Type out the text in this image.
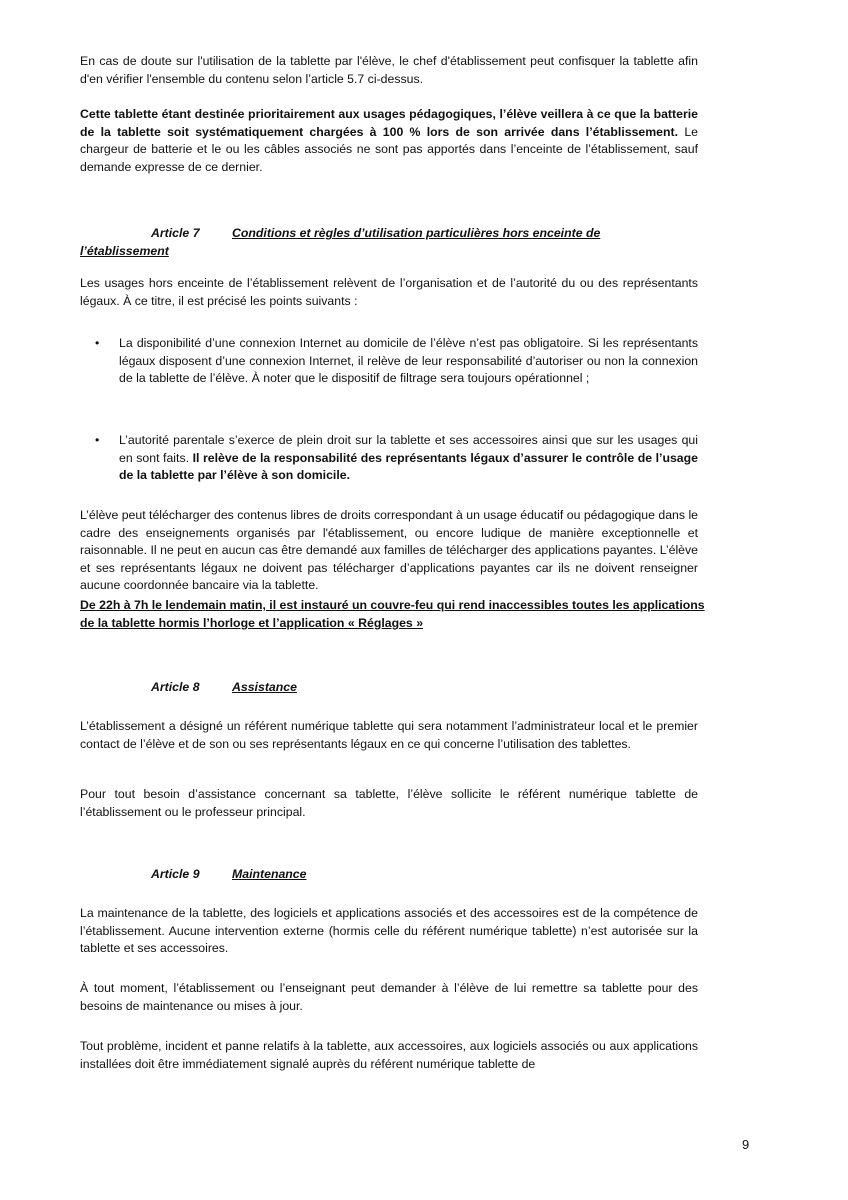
En cas de doute sur l'utilisation de la tablette par l'élève, le chef d'établissement peut confisquer la tablette afin d'en vérifier l'ensemble du contenu selon l’article 5.7 ci-dessus.

Cette tablette étant destinée prioritairement aux usages pédagogiques, l’élève veillera à ce que la batterie de la tablette soit systématiquement chargées à 100 % lors de son arrivée dans l’établissement. Le chargeur de batterie et le ou les câbles associés ne sont pas apportés dans l’enceinte de l’établissement, sauf demande expresse de ce dernier.

Article 7	Conditions et règles d’utilisation particulières hors enceinte de
l’établissement

Les usages hors enceinte de l’établissement relèvent de l’organisation et de l’autorité du ou des représentants légaux. À ce titre, il est précisé les points suivants :

• La disponibilité d’une connexion Internet au domicile de l’élève n’est pas obligatoire. Si les représentants légaux disposent d’une connexion Internet, il relève de leur responsabilité d’autoriser ou non la connexion de la tablette de l’élève. À noter que le dispositif de filtrage sera toujours opérationnel ;

• L’autorité parentale s’exerce de plein droit sur la tablette et ses accessoires ainsi que sur les usages qui en sont faits. Il relève de la responsabilité des représentants légaux d’assurer le contrôle de l’usage de la tablette par l’élève à son domicile.

L’élève peut télécharger des contenus libres de droits correspondant à un usage éducatif ou pédagogique dans le cadre des enseignements organisés par l'établissement, ou encore ludique de manière exceptionnelle et raisonnable. Il ne peut en aucun cas être demandé aux familles de télécharger des applications payantes. L’élève et ses représentants légaux ne doivent pas télécharger d’applications payantes car ils ne doivent renseigner aucune coordonnée bancaire via la tablette.

De 22h à 7h le lendemain matin, il est instauré un couvre-feu qui rend inaccessibles toutes les applications

de la tablette hormis l’horloge et l’application « Réglages »

Article 8	Assistance

L’établissement a désigné un référent numérique tablette qui sera notamment l’administrateur local et le premier contact de l’élève et de son ou ses représentants légaux en ce qui concerne l’utilisation des tablettes.

Pour tout besoin d’assistance concernant sa tablette, l’élève sollicite le référent numérique tablette de l’établissement ou le professeur principal.

Article 9	Maintenance

La maintenance de la tablette, des logiciels et applications associés et des accessoires est de la compétence de l’établissement. Aucune intervention externe (hormis celle du référent numérique tablette) n’est autorisée sur la tablette et ses accessoires.

À tout moment, l’établissement ou l’enseignant peut demander à l’élève de lui remettre sa tablette pour des besoins de maintenance ou mises à jour.

Tout problème, incident et panne relatifs à la tablette, aux accessoires, aux logiciels associés ou aux applications installées doit être immédiatement signalé auprès du référent numérique tablette de

9
